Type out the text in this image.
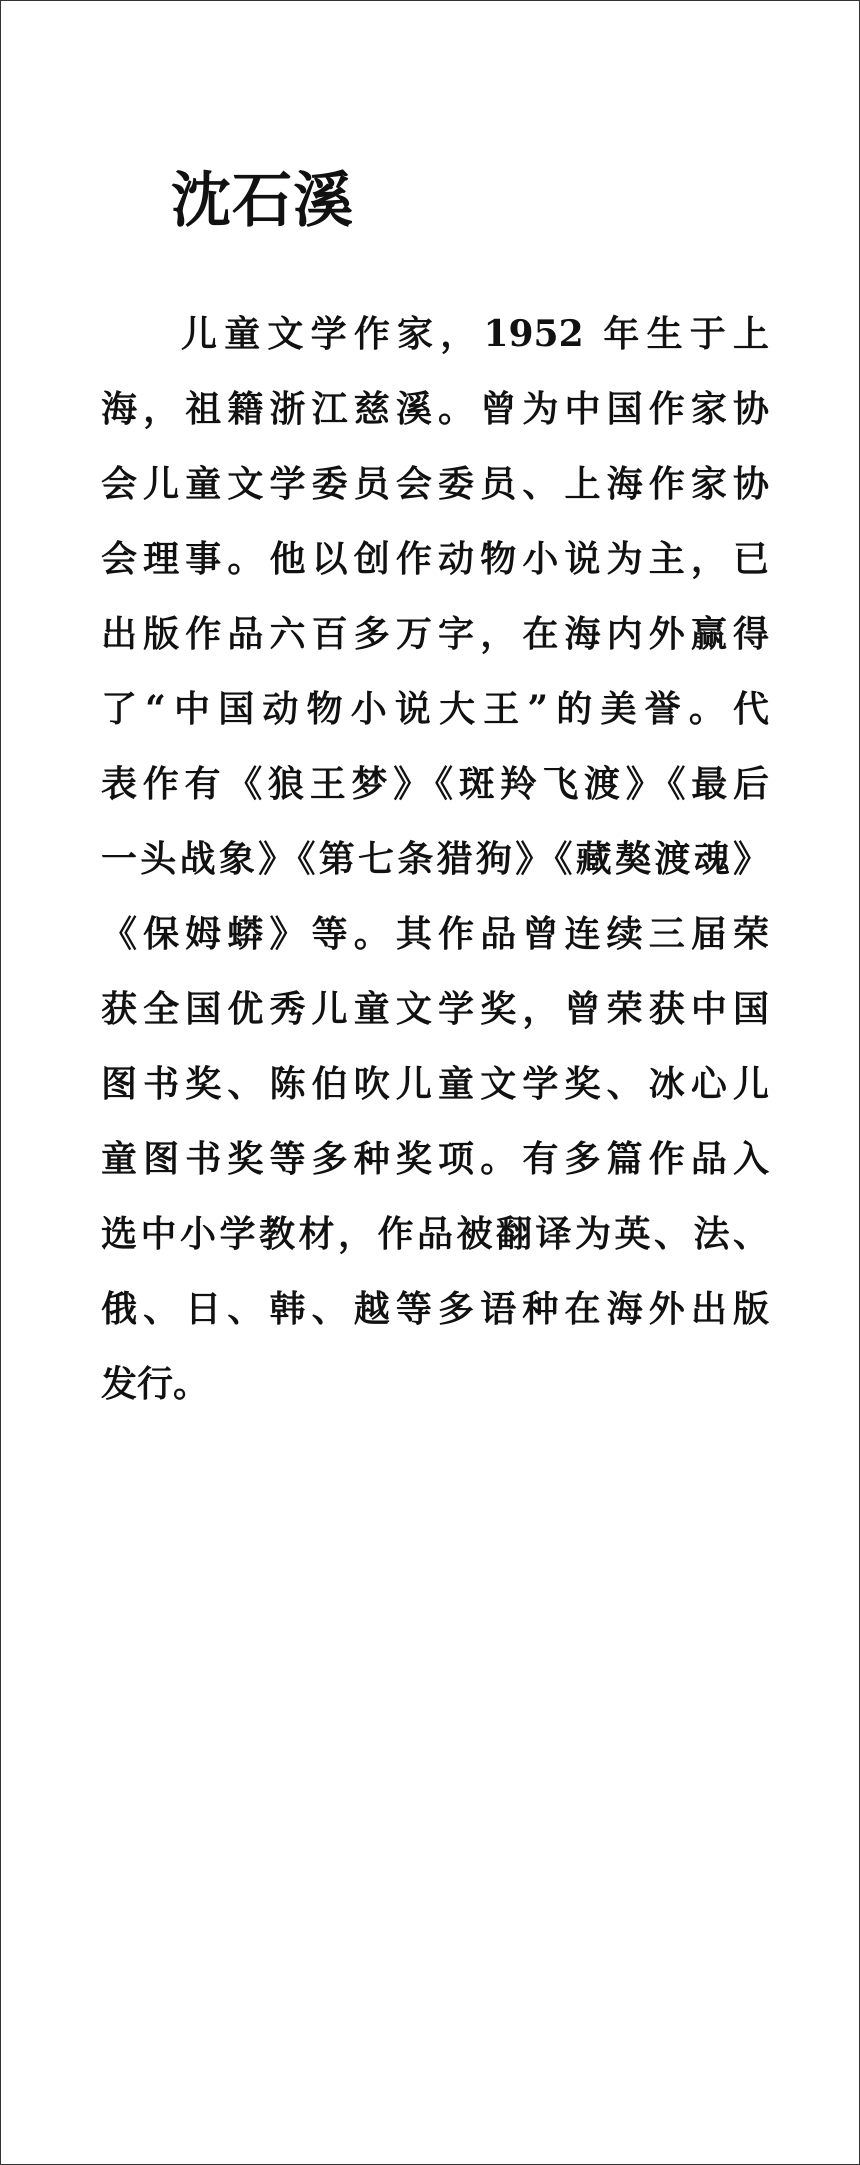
沈石溪
儿童文学作家，1952 年生于上
海，祖籍浙江慈溪。曾为中国作家协
会儿童文学委员会委员、上海作家协
会理事。他以创作动物小说为主，已
出版作品六百多万字，在海内外赢得
了“中国动物小说大王”的美誉。代
表作有《狼王梦》《斑羚飞渡》《最后
一头战象》《第七条猎狗》《藏獒渡魂》
《保姆蟒》等。其作品曾连续三届荣
获全国优秀儿童文学奖，曾荣获中国
图书奖、陈伯吹儿童文学奖、冰心儿
童图书奖等多种奖项。有多篇作品入
选中小学教材，作品被翻译为英、法、
俄、日、韩、越等多语种在海外出版
发行。
